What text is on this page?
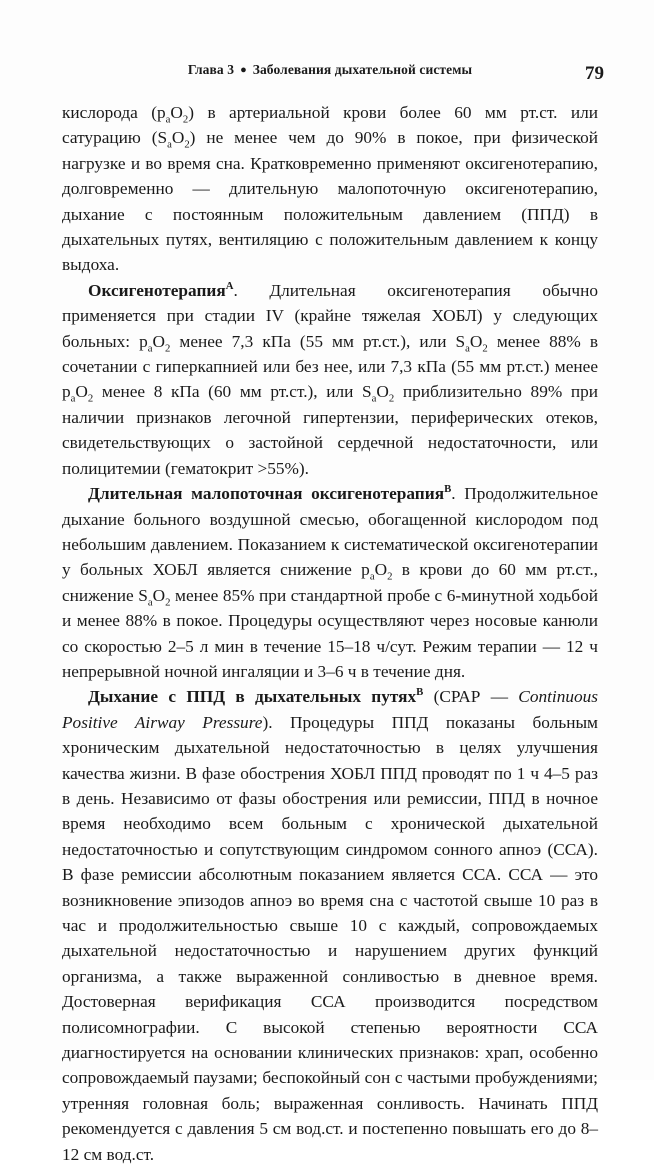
Глава 3 ● Заболевания дыхательной системы	79

кислорода $(p_аO_2)$ в артериальной крови более 60 мм рт.ст. или сатурацию $(S_аO_2)$ не менее чем до 90% в покое, при физической нагрузке и во время сна. Кратковременно применяют оксигенотерапию, долговременно — длительную малопоточную оксигенотерапию, дыхание с постоянным положительным давлением (ППД) в дыхательных путях, вентиляцию с положительным давлением к концу выдоха.

Оксигенотерапия$^A$. Длительная оксигенотерапия обычно применяется при стадии IV (крайне тяжелая ХОБЛ) у следующих больных: $p_аO_2$ менее 7,3 кПа (55 мм рт.ст.), или $S_аO_2$ менее 88% в сочетании с гиперкапнией или без нее, или 7,3 кПа (55 мм рт.ст.) менее $p_аO_2$ менее 8 кПа (60 мм рт.ст.), или $S_аO_2$ приблизительно 89% при наличии признаков легочной гипертензии, периферических отеков, свидетельствующих о застойной сердечной недостаточности, или полицитемии (гематокрит >55%).

Длительная малопоточная оксигенотерапия$^B$. Продолжительное дыхание больного воздушной смесью, обогащенной кислородом под небольшим давлением. Показанием к систематической оксигенотерапии у больных ХОБЛ является снижение $p_аO_2$ в крови до 60 мм рт.ст., снижение $S_аO_2$ менее 85% при стандартной пробе с 6-минутной ходьбой и менее 88% в покое. Процедуры осуществляют через носовые канюли со скоростью 2–5 л мин в течение 15–18 ч/сут. Режим терапии — 12 ч непрерывной ночной ингаляции и 3–6 ч в течение дня.

Дыхание с ППД в дыхательных путях$^B$ (СРАР — Continuous Positive Airway Pressure). Процедуры ППД показаны больным хроническим дыхательной недостаточностью в целях улучшения качества жизни. В фазе обострения ХОБЛ ППД проводят по 1 ч 4–5 раз в день. Независимо от фазы обострения или ремиссии, ППД в ночное время необходимо всем больным с хронической дыхательной недостаточностью и сопутствующим синдромом сонного апноэ (ССА). В фазе ремиссии абсолютным показанием является ССА. ССА — это возникновение эпизодов апноэ во время сна с частотой свыше 10 раз в час и продолжительностью свыше 10 с каждый, сопровождаемых дыхательной недостаточностью и нарушением других функций организма, а также выраженной сонливостью в дневное время. Достоверная верификация ССА производится посредством полисомнографии. С высокой степенью вероятности ССА диагностируется на основании клинических признаков: храп, особенно сопровождаемый паузами; беспокойный сон с частыми пробуждениями; утренняя головная боль; выраженная сонливость. Начинать ППД рекомендуется с давления 5 см вод.ст. и постепенно повышать его до 8–12 см вод.ст.
